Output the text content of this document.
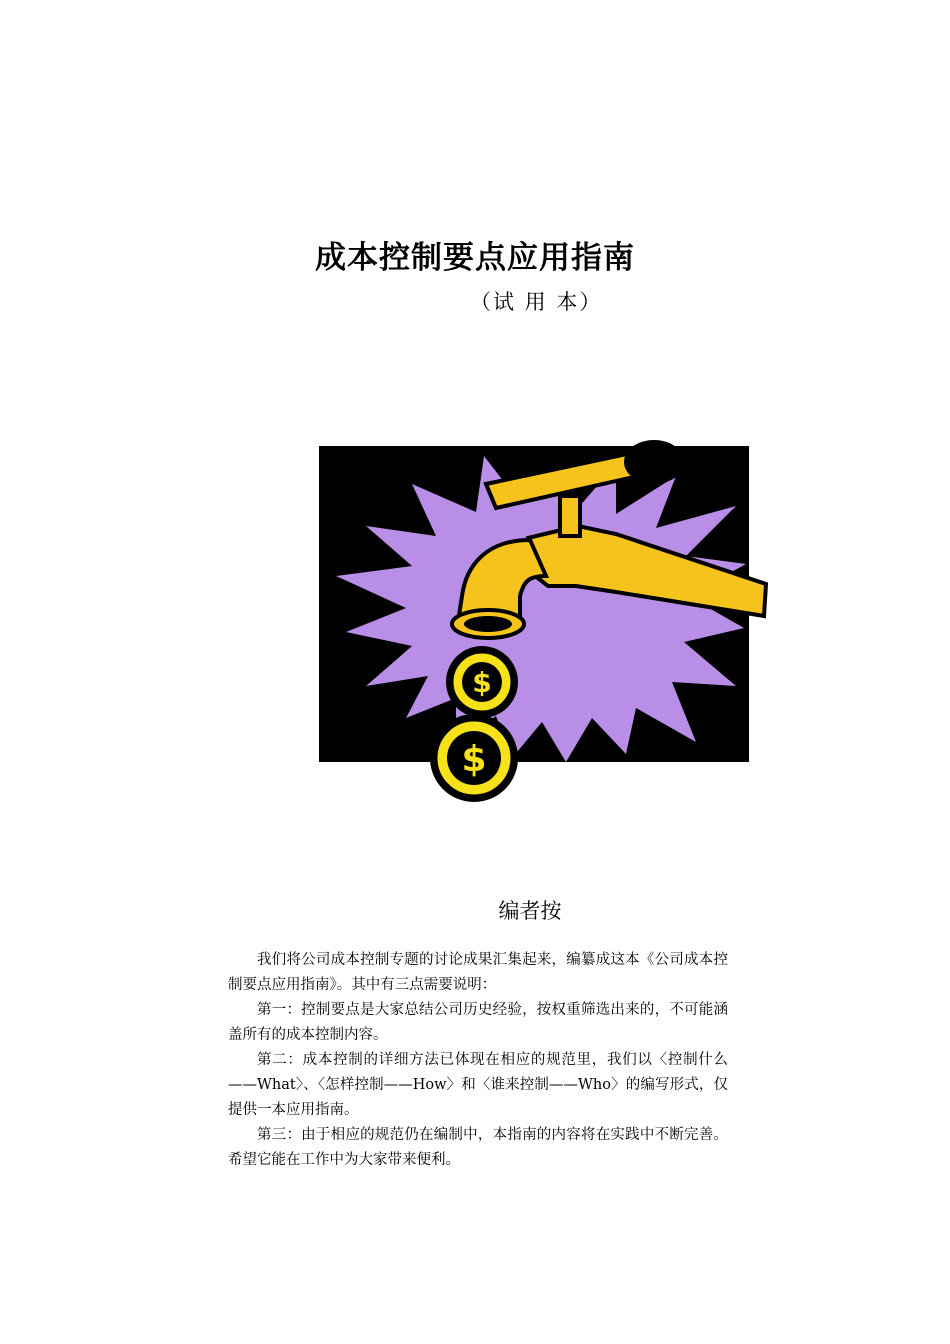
成本控制要点应用指南
（试 用 本）
$
$
编者按

我们将公司成本控制专题的讨论成果汇集起来，编纂成这本《公司成本控制要点应用指南》。其中有三点需要说明：

第一：控制要点是大家总结公司历史经验，按权重筛选出来的，不可能涵盖所有的成本控制内容。

第二：成本控制的详细方法已体现在相应的规范里，我们以〈控制什么——What〉、〈怎样控制——How〉和〈谁来控制——Who〉的编写形式，仅提供一本应用指南。

第三：由于相应的规范仍在编制中，本指南的内容将在实践中不断完善。希望它能在工作中为大家带来便利。
